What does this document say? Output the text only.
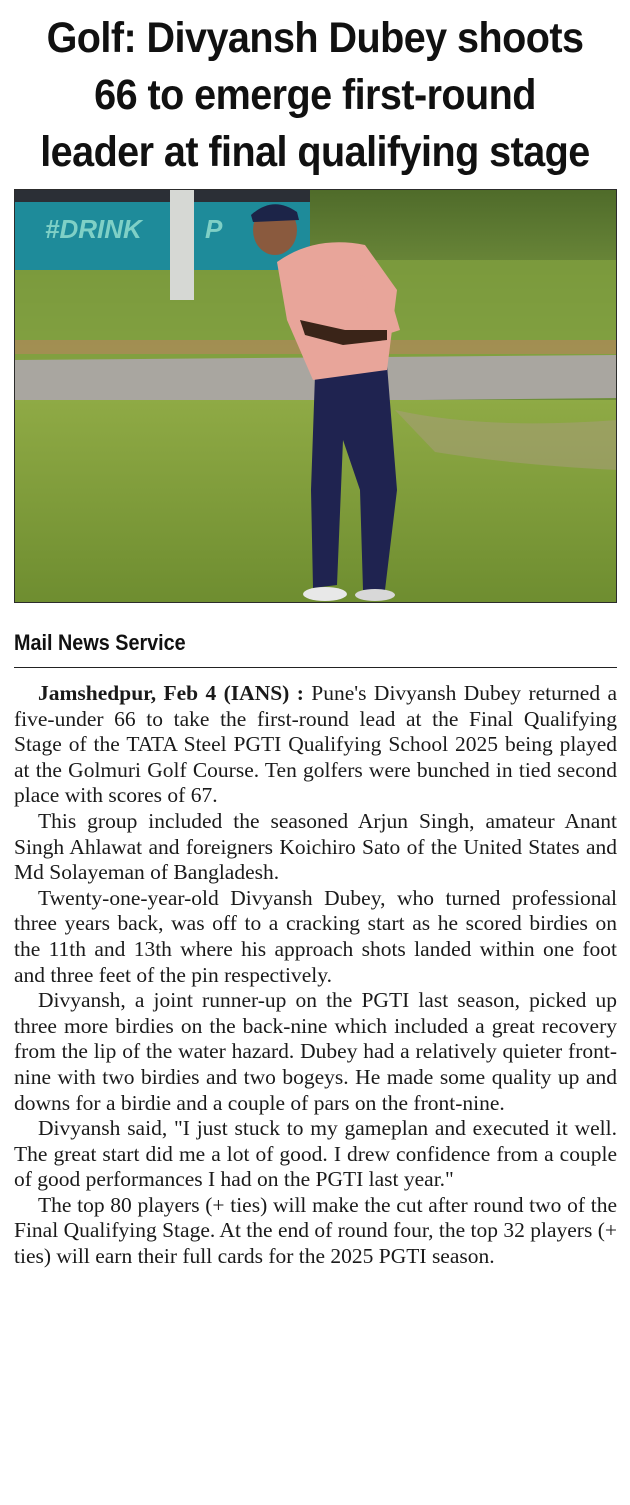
Golf: Divyansh Dubey shoots 66 to emerge first-round leader at final qualifying stage
#DRINK P
Mail News Service

Jamshedpur, Feb 4 (IANS) : Pune's Divyansh Dubey returned a five-under 66 to take the first-round lead at the Final Qualifying Stage of the TATA Steel PGTI Qualifying School 2025 being played at the Golmuri Golf Course. Ten golfers were bunched in tied second place with scores of 67.

This group included the seasoned Arjun Singh, amateur Anant Singh Ahlawat and foreigners Koichiro Sato of the United States and Md Solayeman of Bangladesh.

Twenty-one-year-old Divyansh Dubey, who turned professional three years back, was off to a cracking start as he scored birdies on the 11th and 13th where his approach shots landed within one foot and three feet of the pin respectively.

Divyansh, a joint runner-up on the PGTI last season, picked up three more birdies on the back-nine which included a great recovery from the lip of the water hazard. Dubey had a relatively quieter front-nine with two birdies and two bogeys. He made some quality up and downs for a birdie and a couple of pars on the front-nine.

Divyansh said, "I just stuck to my gameplan and executed it well. The great start did me a lot of good. I drew confidence from a couple of good performances I had on the PGTI last year."

The top 80 players (+ ties) will make the cut after round two of the Final Qualifying Stage. At the end of round four, the top 32 players (+ ties) will earn their full cards for the 2025 PGTI season.
